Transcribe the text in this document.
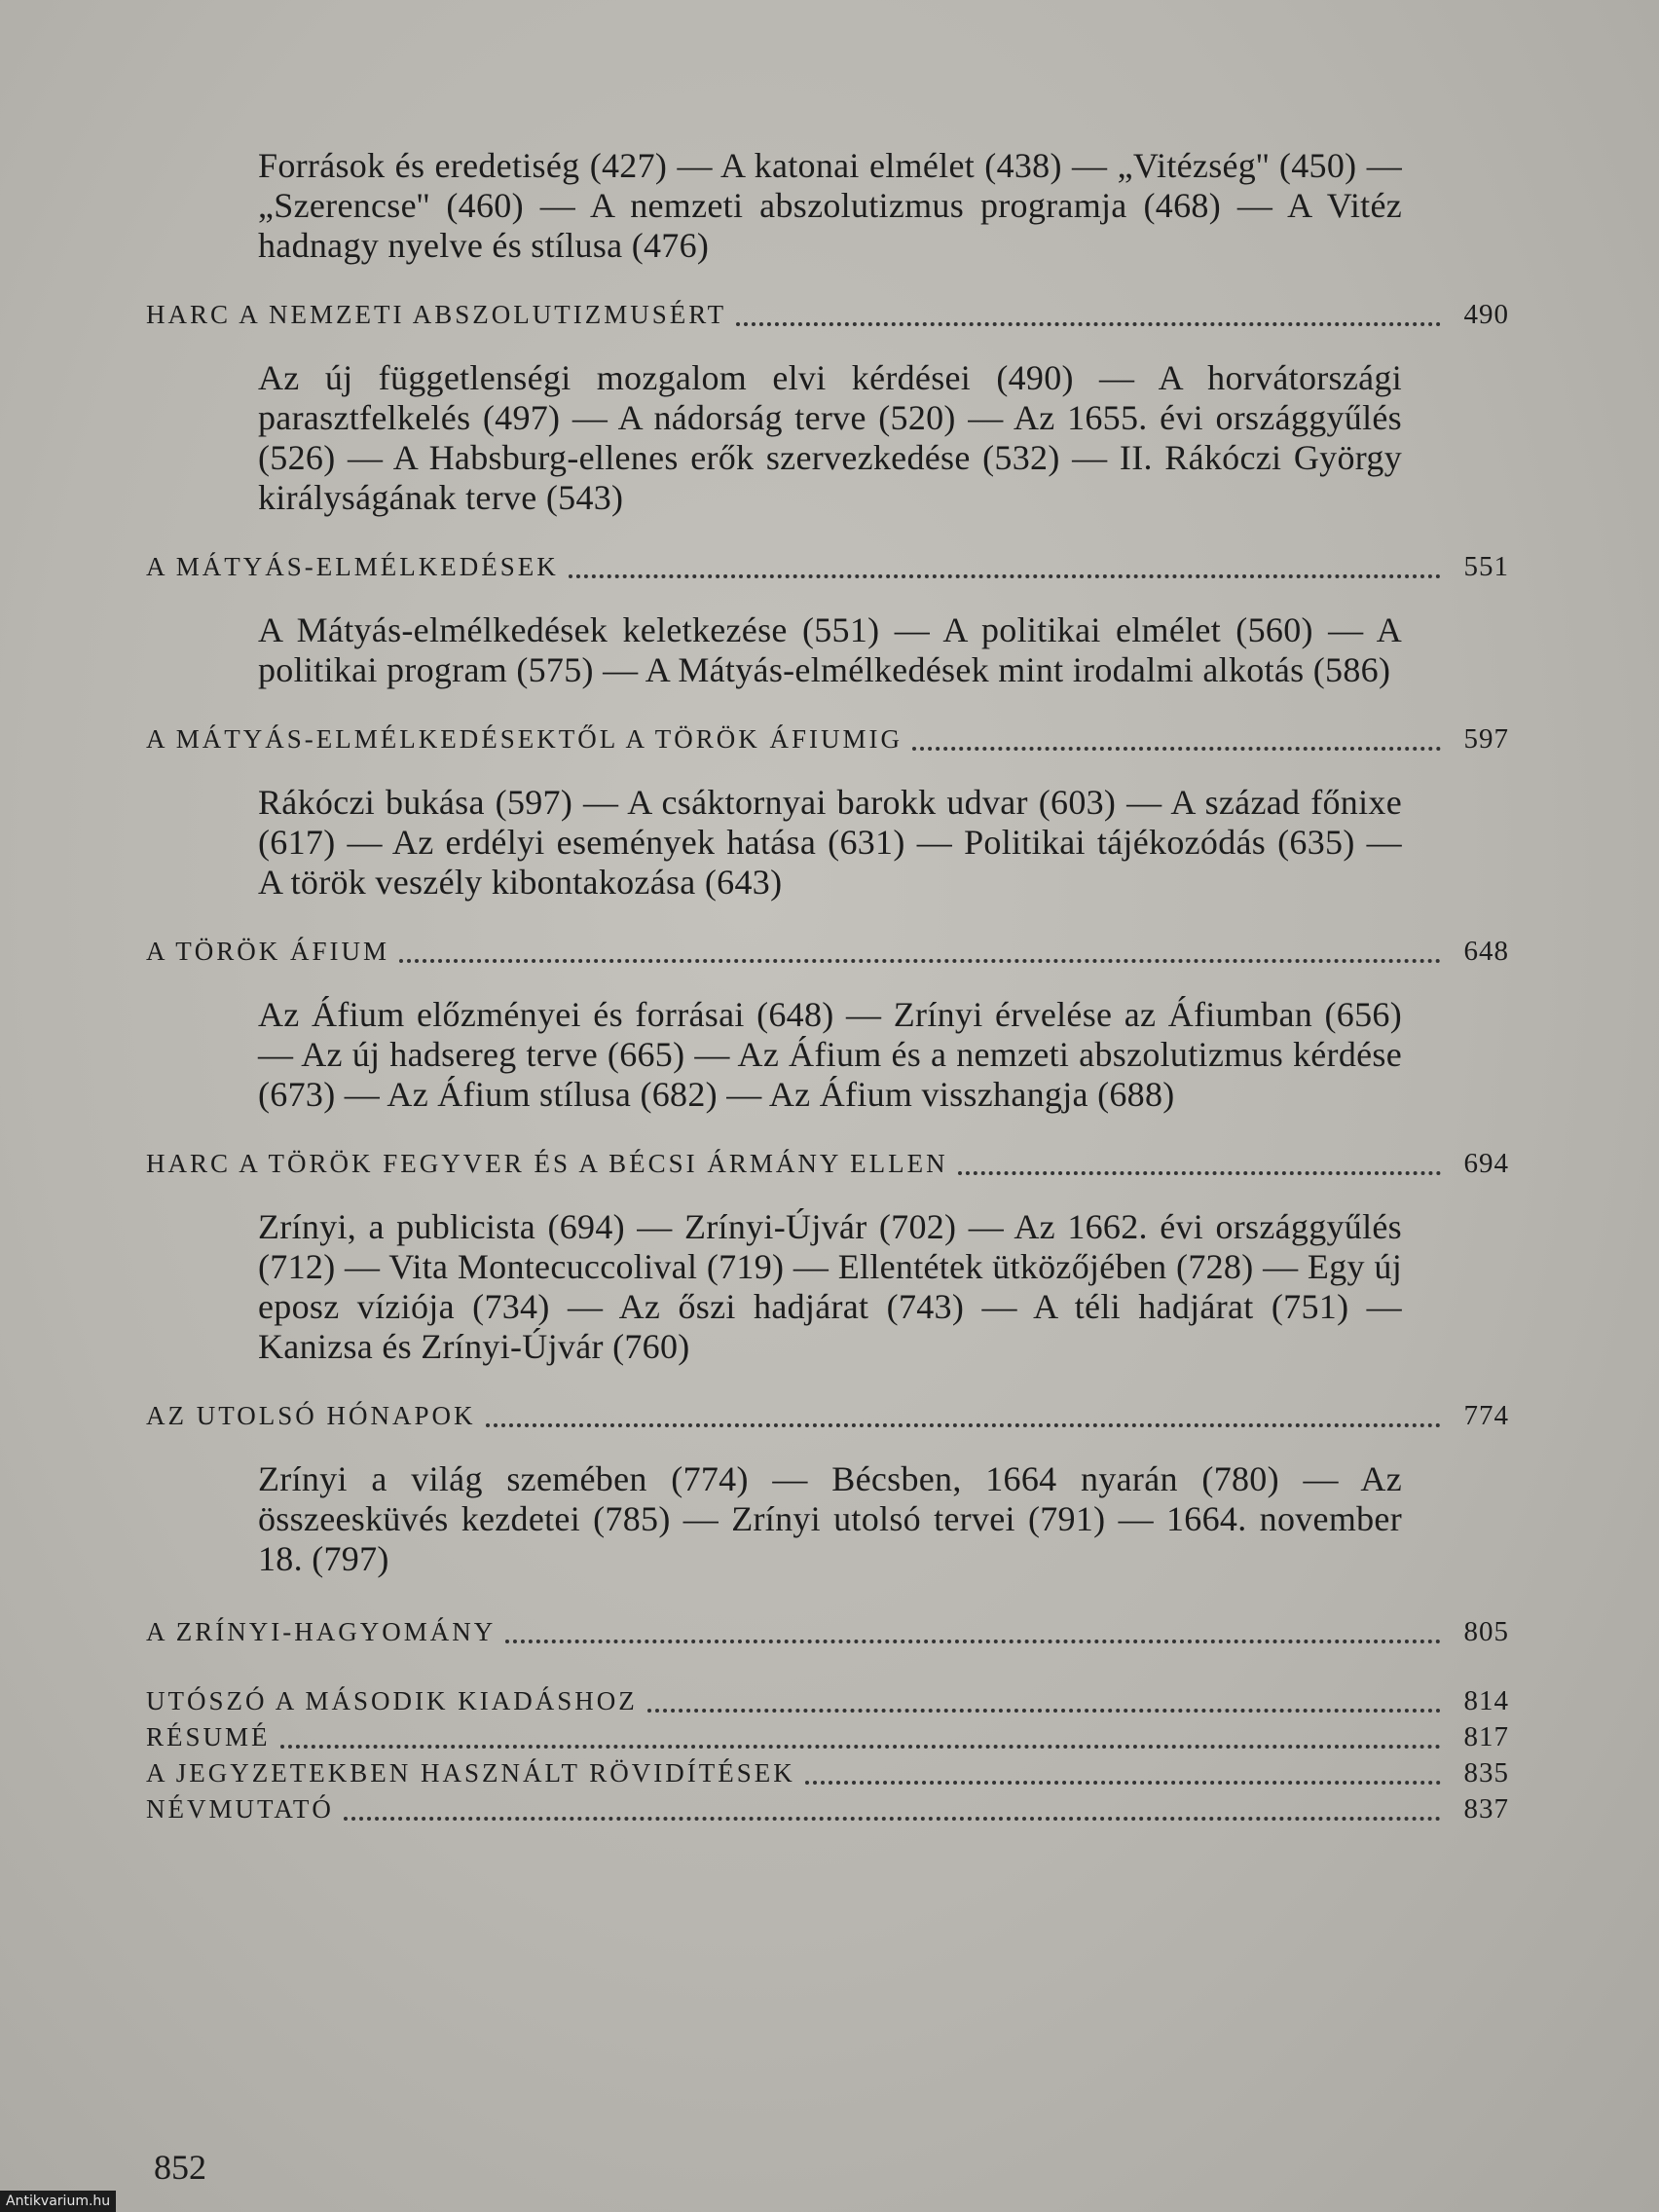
Források és eredetiség (427) — A katonai elmélet (438) — „Vitézség'' (450) — „Szerencse'' (460) — A nemzeti abszolutizmus programja (468) — A Vitéz hadnagy nyelve és stílusa (476)
HARC A NEMZETI ABSZOLUTIZMUSÉRT	490
Az új függetlenségi mozgalom elvi kérdései (490) — A horvátországi parasztfelkelés (497) — A nádorság terve (520) — Az 1655. évi országgyűlés (526) — A Habsburg-ellenes erők szervezkedése (532) — II. Rákóczi György királyságának terve (543)
A MÁTYÁS-ELMÉLKEDÉSEK	551
A Mátyás-elmélkedések keletkezése (551) — A politikai elmélet (560) — A politikai program (575) — A Mátyás-elmélkedések mint irodalmi alkotás (586)
A MÁTYÁS-ELMÉLKEDÉSEKTŐL A TÖRÖK ÁFIUMIG	597
Rákóczi bukása (597) — A csáktornyai barokk udvar (603) — A század főnixe (617) — Az erdélyi események hatása (631) — Politikai tájékozódás (635) — A török veszély kibontakozása (643)
A TÖRÖK ÁFIUM	648
Az Áfium előzményei és forrásai (648) — Zrínyi érvelése az Áfiumban (656) — Az új hadsereg terve (665) — Az Áfium és a nemzeti abszolutizmus kérdése (673) — Az Áfium stílusa (682) — Az Áfium visszhangja (688)
HARC A TÖRÖK FEGYVER ÉS A BÉCSI ÁRMÁNY ELLEN	694
Zrínyi, a publicista (694) — Zrínyi-Újvár (702) — Az 1662. évi országgyűlés (712) — Vita Montecuccolival (719) — Ellentétek ütközőjében (728) — Egy új eposz víziója (734) — Az őszi hadjárat (743) — A téli hadjárat (751) — Kanizsa és Zrínyi-Újvár (760)
AZ UTOLSÓ HÓNAPOK	774
Zrínyi a világ szemében (774) — Bécsben, 1664 nyarán (780) — Az összeesküvés kezdetei (785) — Zrínyi utolsó tervei (791) — 1664. november 18. (797)
A ZRÍNYI-HAGYOMÁNY	805
UTÓSZÓ A MÁSODIK KIADÁSHOZ	814
RÉSUMÉ	817
A JEGYZETEKBEN HASZNÁLT RÖVIDÍTÉSEK	835
NÉVMUTATÓ	837
852
Antikvarium.hu
